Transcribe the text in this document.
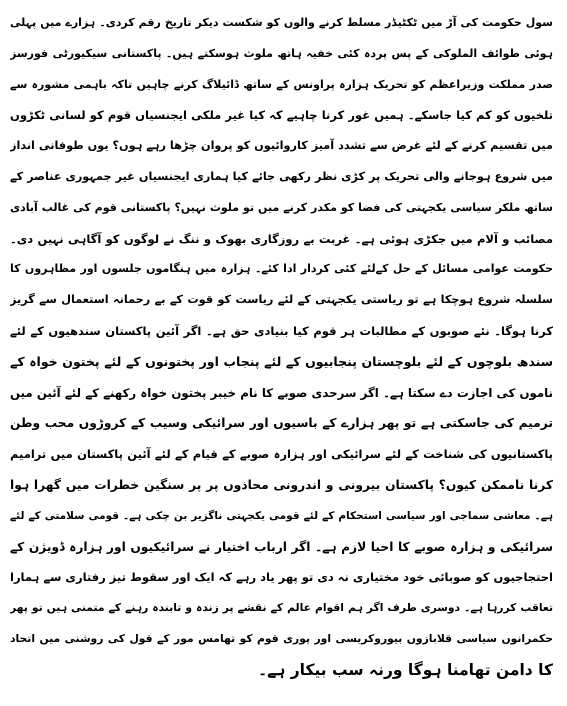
سول حکومت کی آڑ میں ٹکٹیڈر مسلط کرنے والوں کو شکست دیکر تاریخ رقم کردی۔ ہزارے میں پہلی
ہوئی طوائف الملوکی کے پس پردہ کئی خفیہ ہاتھ ملوث ہوسکتے ہیں۔ پاکستانی سیکیورٹی فورسز
صدر مملکت وزیراعظم کو تحریک ہزارہ پراونس کے ساتھ ڈائیلاگ کرنے چاہیں تاکہ باہمی مشورہ سے
تلخیوں کو کم کیا جاسکے۔ ہمیں غور کرنا چاہیے کہ کیا غیر ملکی ایجنسیاں قوم کو لسانی ٹکڑوں
میں تقسیم کرنے کے لئے غرض سے تشدد آمیز کاروائیوں کو پروان چڑھا رہے ہوں؟ یوں طوفانی انداز
میں شروع ہوجانے والی تحریک پر کڑی نظر رکھی جائے کیا ہماری ایجنسیاں غیر جمہوری عناصر کے
ساتھ ملکر سیاسی یکجہتی کی فضا کو مکدر کرنے میں تو ملوث نہیں؟ پاکستانی قوم کی غالب آبادی
مصائب و آلام میں جکڑی ہوئی ہے۔ غربت بے روزگاری بھوک و ننگ نے لوگوں کو آگاہی نہیں دی۔
حکومت عوامی مسائل کے حل کےلئے کئی کردار ادا کئے۔ ہزارہ میں ہنگاموں جلسوں اور مظاہروں کا
سلسلہ شروع ہوچکا ہے تو ریاستی یکجہتی کے لئے ریاست کو قوت کے بے رحمانہ استعمال سے گریز
کرنا ہوگا۔ نئے صوبوں کے مطالبات ہر قوم کیا بنیادی حق ہے۔ اگر آئین پاکستان سندھیوں کے لئے
سندھ بلوچوں کے لئے بلوچستان پنجابیوں کے لئے پنجاب اور پختونوں کے لئے پختون خواہ کے
ناموں کی اجازت دے سکتا ہے۔ اگر سرحدی صوبے کا نام خیبر پختون خواہ رکھنے کے لئے آئین میں
ترمیم کی جاسکتی ہے تو پھر ہزارے کے باسیوں اور سرائیکی وسیب کے کروڑوں محب وطن
پاکستانیوں کی شناخت کے لئے سرائیکی اور ہزارہ صوبے کے قیام کے لئے آئین پاکستان میں ترامیم
کرنا ناممکن کیوں؟ پاکستان بیرونی و اندرونی محاذوں پر پر سنگین خطرات میں گھرا ہوا
ہے۔ معاشی سماجی اور سیاسی استحکام کے لئے قومی یکجہتی ناگزیر بن چکی ہے۔ قومی سلامتی کے لئے
سرائیکی و ہزارہ صوبے کا احیا لازم ہے۔ اگر ارباب اختیار نے سرائیکیوں اور ہزارہ ڈویژن کے
احتجاجیوں کو صوبائی خود مختیاری نہ دی تو پھر یاد رہے کہ ایک اور سقوط تیز رفتاری سے ہمارا
تعاقب کررہا ہے۔ دوسری طرف اگر ہم اقوام عالم کے نقشے پر زندہ و تابندہ رہنے کے متمنی ہیں تو پھر
حکمرانوں سیاسی قلابازوں بیوروکریسی اور پوری قوم کو تھامس مور کے قول کی روشنی میں اتحاد
کا دامن تھامنا ہوگا ورنہ سب بیکار ہے۔
